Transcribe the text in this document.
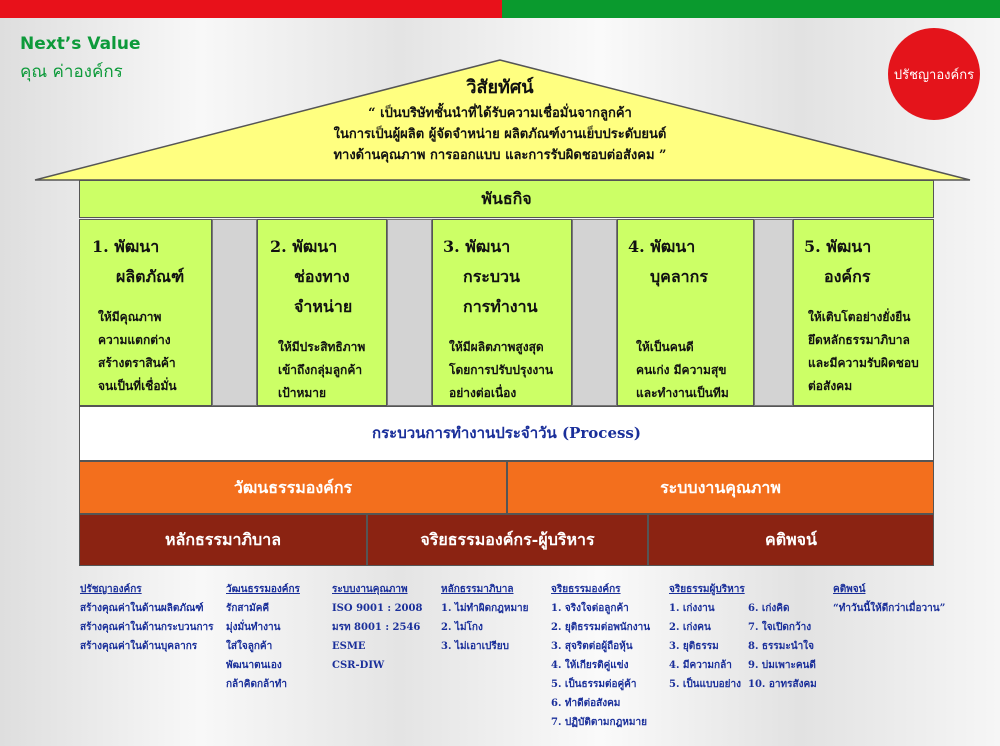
Next’s Value
คุณ ค่าองค์กร	ปรัชญาองค์กร
วิสัยทัศน์
“ เป็นบริษัทชั้นนำที่ได้รับความเชื่อมั่นจากลูกค้า
ในการเป็นผู้ผลิต ผู้จัดจำหน่าย ผลิตภัณฑ์งานเย็บประดับยนต์
ทางด้านคุณภาพ การออกแบบ และการรับผิดชอบต่อสังคม ”
พันธกิจ
1. พัฒนา
ผลิตภัณฑ์
ให้มีคุณภาพ
ความแตกต่าง
สร้างตราสินค้า
จนเป็นที่เชื่อมั่น
2. พัฒนา
ช่องทาง
จำหน่าย
ให้มีประสิทธิภาพ
เข้าถึงกลุ่มลูกค้า
เป้าหมาย
3. พัฒนา
กระบวน
การทำงาน
ให้มีผลิตภาพสูงสุด
โดยการปรับปรุงงาน
อย่างต่อเนื่อง
4. พัฒนา
บุคลากร
ให้เป็นคนดี
คนเก่ง มีความสุข
และทำงานเป็นทีม
5. พัฒนา
องค์กร
ให้เติบโตอย่างยั่งยืน
ยึดหลักธรรมาภิบาล
และมีความรับผิดชอบ
ต่อสังคม
กระบวนการทำงานประจำวัน (Process)
วัฒนธรรมองค์กร	ระบบงานคุณภาพ
หลักธรรมาภิบาล	จริยธรรมองค์กร-ผู้บริหาร	คติพจน์
ปรัชญาองค์กร
สร้างคุณค่าในด้านผลิตภัณฑ์
สร้างคุณค่าในด้านกระบวนการ
สร้างคุณค่าในด้านบุคลากร
วัฒนธรรมองค์กร
รักสามัคคี
มุ่งมั่นทำงาน
ใส่ใจลูกค้า
พัฒนาตนเอง
กล้าคิดกล้าทำ
ระบบงานคุณภาพ
ISO 9001 : 2008
มรท 8001 : 2546
ESME
CSR-DIW
หลักธรรมาภิบาล
1. ไม่ทำผิดกฎหมาย
2. ไม่โกง
3. ไม่เอาเปรียบ
จริยธรรมองค์กร
1. จริงใจต่อลูกค้า
2. ยุติธรรมต่อพนักงาน
3. สุจริตต่อผู้ถือหุ้น
4. ให้เกียรติคู่แข่ง
5. เป็นธรรมต่อคู่ค้า
6. ทำดีต่อสังคม
7. ปฏิบัติตามกฎหมาย
จริยธรรมผู้บริหาร
1. เก่งงาน
2. เก่งคน
3. ยุติธรรม
4. มีความกล้า
5. เป็นแบบอย่าง
6. เก่งคิด
7. ใจเปิดกว้าง
8. ธรรมะนำใจ
9. บ่มเพาะคนดี
10. อาทรสังคม
คติพจน์
“ทำวันนี้ให้ดีกว่าเมื่อวาน”
